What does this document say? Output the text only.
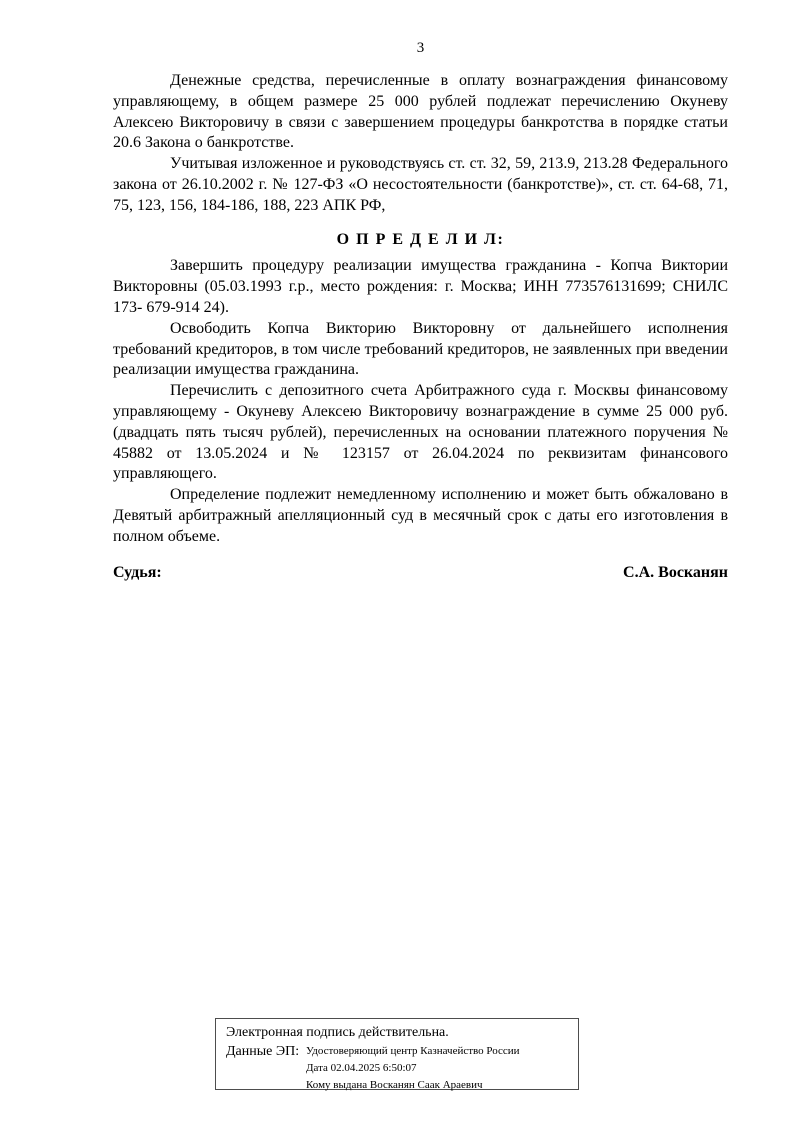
3

Денежные средства, перечисленные в оплату вознаграждения финансовому управляющему, в общем размере 25 000 рублей подлежат перечислению Окуневу Алексею Викторовичу в связи с завершением процедуры банкротства в порядке статьи 20.6 Закона о банкротстве.

Учитывая изложенное и руководствуясь ст. ст. 32, 59, 213.9, 213.28 Федерального закона от 26.10.2002 г. № 127-ФЗ «О несостоятельности (банкротстве)», ст. ст. 64-68, 71, 75, 123, 156, 184-186, 188, 223 АПК РФ,

О П Р Е Д Е Л И Л:

Завершить процедуру реализации имущества гражданина - Копча Виктории Викторовны (05.03.1993 г.р., место рождения: г. Москва; ИНН 773576131699; СНИЛС 173- 679-914 24).

Освободить Копча Викторию Викторовну от дальнейшего исполнения требований кредиторов, в том числе требований кредиторов, не заявленных при введении реализации имущества гражданина.

Перечислить с депозитного счета Арбитражного суда г. Москвы финансовому управляющему - Окуневу Алексею Викторовичу вознаграждение в сумме 25 000 руб. (двадцать пять тысяч рублей), перечисленных на основании платежного поручения № 45882 от 13.05.2024 и № 123157 от 26.04.2024 по реквизитам финансового управляющего.

Определение подлежит немедленному исполнению и может быть обжаловано в Девятый арбитражный апелляционный суд в месячный срок с даты его изготовления в полном объеме.

Судья:	С.А. Восканян
Электронная подпись действительна.
Данные ЭП: Удостоверяющий центр Казначейство России
Дата 02.04.2025 6:50:07
Кому выдана Восканян Саак Араевич
